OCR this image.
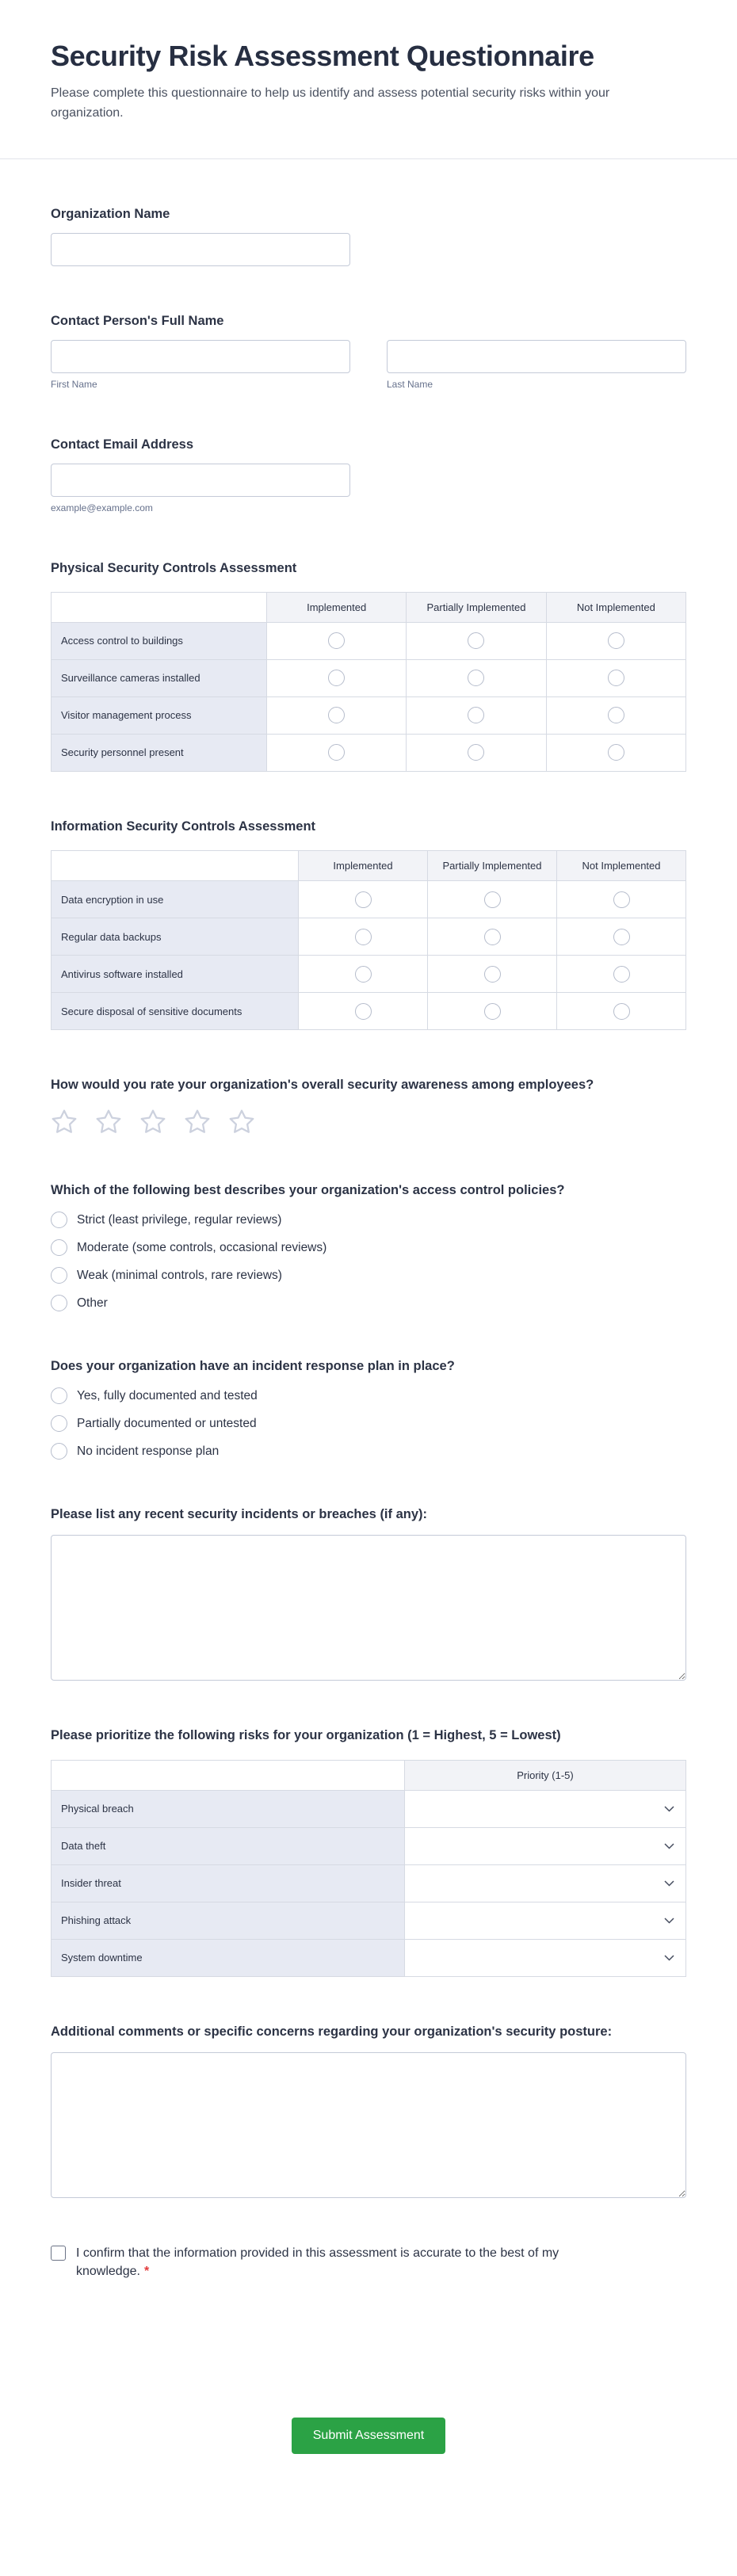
Security Risk Assessment Questionnaire

Please complete this questionnaire to help us identify and assess potential security risks within your organization.

Organization Name
Contact Person's Full Name
First Name	Last Name
Contact Email Address
example@example.com
Physical Security Controls Assessment
	Implemented	Partially Implemented	Not Implemented
Access control to buildings			
Surveillance cameras installed			
Visitor management process			
Security personnel present			
Information Security Controls Assessment
	Implemented	Partially Implemented	Not Implemented
Data encryption in use			
Regular data backups			
Antivirus software installed			
Secure disposal of sensitive documents			
How would you rate your organization's overall security awareness among employees?
Which of the following best describes your organization's access control policies?
Strict (least privilege, regular reviews)
Moderate (some controls, occasional reviews)
Weak (minimal controls, rare reviews)
Other
Does your organization have an incident response plan in place?
Yes, fully documented and tested
Partially documented or untested
No incident response plan
Please list any recent security incidents or breaches (if any):
Please prioritize the following risks for your organization (1 = Highest, 5 = Lowest)
	Priority (1-5)
Physical breach	

Data theft	

Insider threat	

Phishing attack	

System downtime	
Additional comments or specific concerns regarding your organization's security posture:
I confirm that the information provided in this assessment is accurate to the best of my knowledge. *
Submit Assessment
